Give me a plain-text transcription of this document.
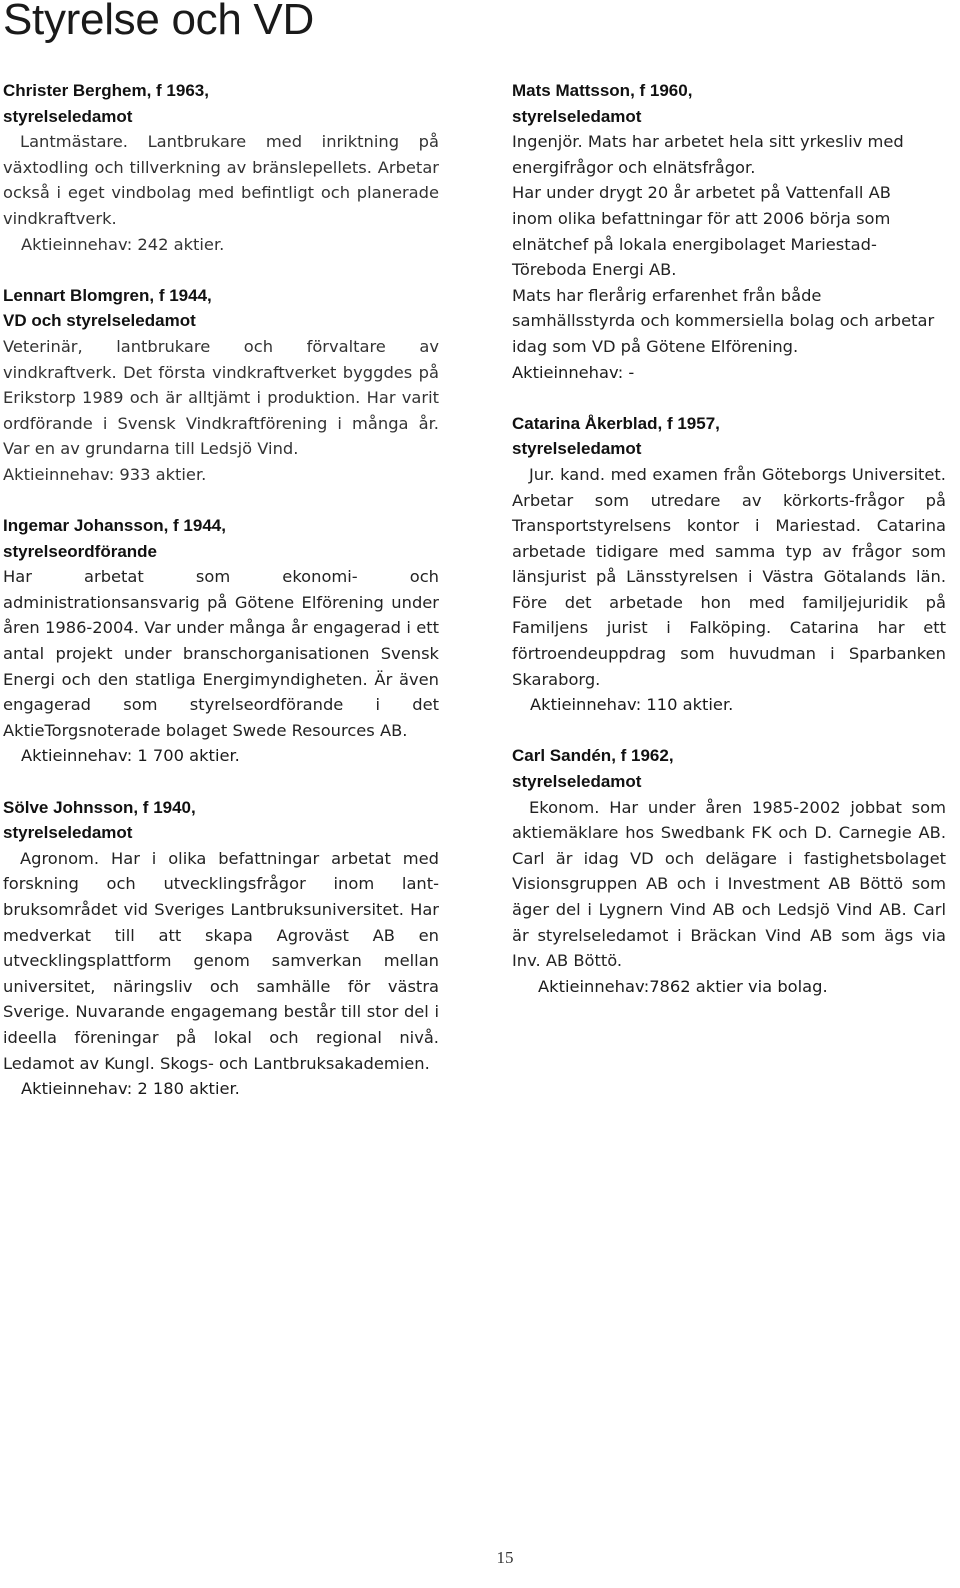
Styrelse och VD
Christer Berghem, f 1963,
styrelseledamot

Lantmästare. Lantbrukare med inriktning på växtodling och tillverkning av bränslepellets. Arbetar också i eget vindbolag med befintligt och planerade vindkraftverk.

Aktieinnehav: 242 aktier.

Lennart Blomgren, f 1944,
VD och styrelseledamot

Veterinär, lantbrukare och förvaltare av vindkraftverk. Det första vindkraftverket byggdes på Erikstorp 1989 och är alltjämt i produktion. Har varit ordförande i Svensk Vindkraftförening i många år. Var en av grundarna till Ledsjö Vind.

Aktieinnehav: 933 aktier.

Ingemar Johansson, f 1944,
styrelseordförande

Har arbetat som ekonomi- och administrationsansvarig på Götene Elförening under åren 1986-2004. Var under många år engagerad i ett antal projekt under branschorganisationen Svensk Energi och den statliga Energimyndigheten. Är även engagerad som styrelseordförande i det AktieTorgsnoterade bolaget Swede Resources AB.

Aktieinnehav: 1 700 aktier.

Sölve Johnsson, f 1940,
styrelseledamot

Agronom. Har i olika befattningar arbetat med forskning och utvecklingsfrågor inom lant-bruksområdet vid Sveriges Lantbruksuniversitet. Har medverkat till att skapa Agroväst AB en utvecklingsplattform genom samverkan mellan universitet, näringsliv och samhälle för västra Sverige. Nuvarande engagemang består till stor del i ideella föreningar på lokal och regional nivå. Ledamot av Kungl. Skogs- och Lantbruksakademien.

Aktieinnehav: 2 180 aktier.

Mats Mattsson, f 1960,
styrelseledamot
Ingenjör. Mats har arbetet hela sitt yrkesliv med
energifrågor och elnätsfrågor.
Har under drygt 20 år arbetet på Vattenfall AB
inom olika befattningar för att 2006 börja som
elnätchef på lokala energibolaget Mariestad-
Töreboda Energi AB.
Mats har flerårig erfarenhet från både
samhällsstyrda och kommersiella bolag och arbetar
idag som VD på Götene Elförening.

Aktieinnehav: -

Catarina Åkerblad, f 1957,
styrelseledamot

Jur. kand. med examen från Göteborgs Universitet. Arbetar som utredare av körkorts-frågor på Transportstyrelsens kontor i Mariestad. Catarina arbetade tidigare med samma typ av frågor som länsjurist på Länsstyrelsen i Västra Götalands län. Före det arbetade hon med familjejuridik på Familjens jurist i Falköping. Catarina har ett förtroendeuppdrag som huvudman i Sparbanken Skaraborg.

Aktieinnehav: 110 aktier.

Carl Sandén, f 1962,
styrelseledamot

Ekonom. Har under åren 1985-2002 jobbat som aktiemäklare hos Swedbank FK och D. Carnegie AB. Carl är idag VD och delägare i fastighetsbolaget Visionsgruppen AB och i Investment AB Böttö som äger del i Lygnern Vind AB och Ledsjö Vind AB. Carl är styrelseledamot i Bräckan Vind AB som ägs via Inv. AB Böttö.

Aktieinnehav:7862 aktier via bolag.

15
